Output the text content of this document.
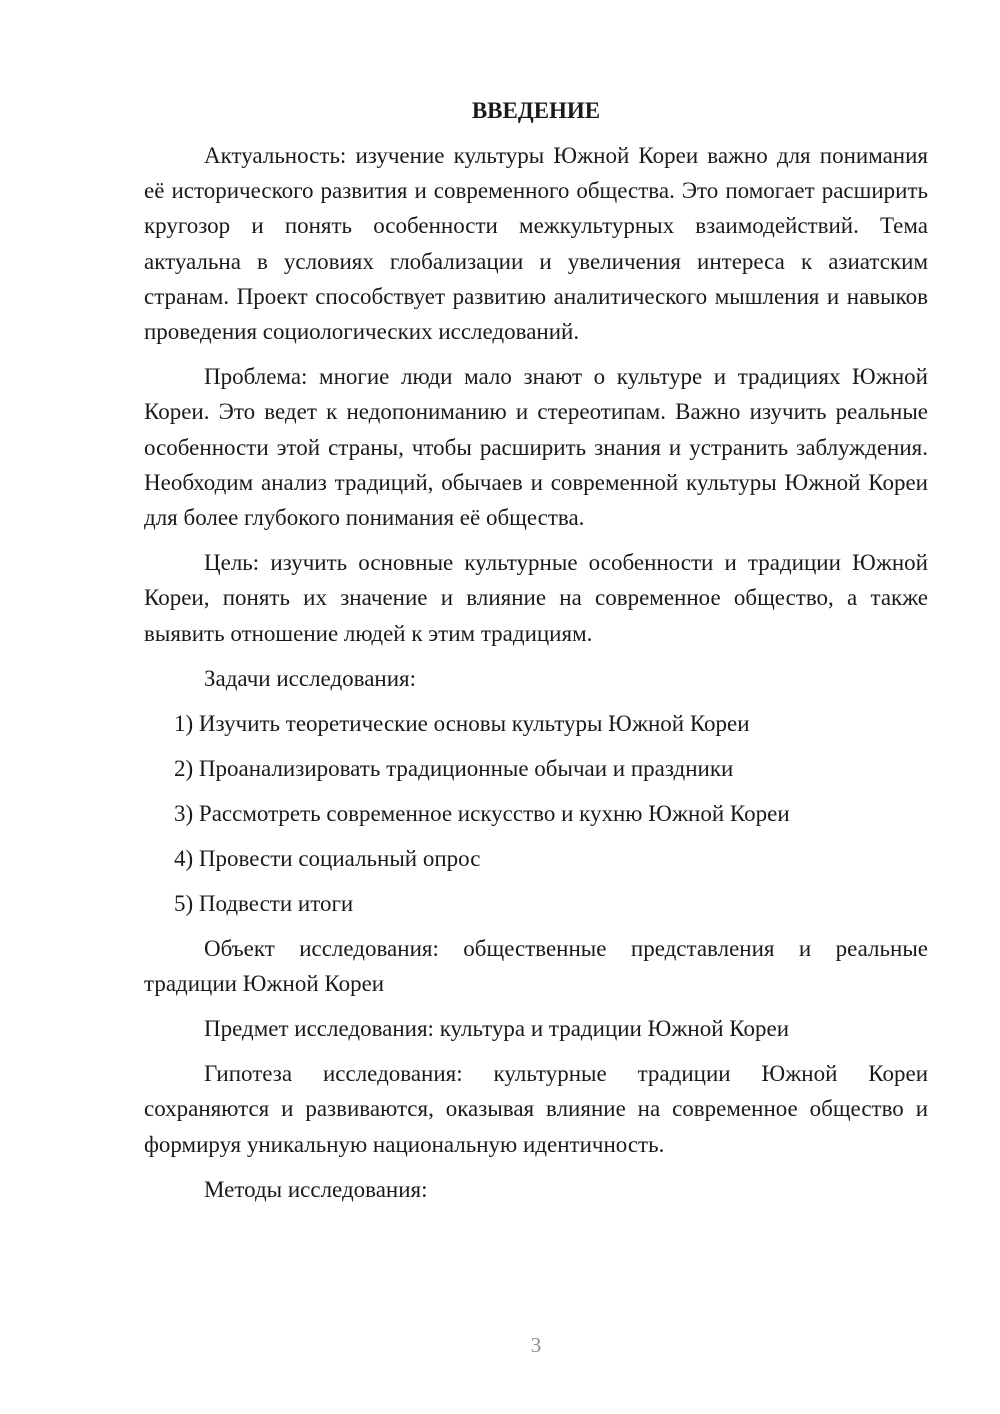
ВВЕДЕНИЕ

Актуальность: изучение культуры Южной Кореи важно для понимания её исторического развития и современного общества. Это помогает расширить кругозор и понять особенности межкультурных взаимодействий. Тема актуальна в условиях глобализации и увеличения интереса к азиатским странам. Проект способствует развитию аналитического мышления и навыков проведения социологических исследований.

Проблема: многие люди мало знают о культуре и традициях Южной Кореи. Это ведет к недопониманию и стереотипам. Важно изучить реальные особенности этой страны, чтобы расширить знания и устранить заблуждения. Необходим анализ традиций, обычаев и современной культуры Южной Кореи для более глубокого понимания её общества.

Цель: изучить основные культурные особенности и традиции Южной Кореи, понять их значение и влияние на современное общество, а также выявить отношение людей к этим традициям.

Задачи исследования:

1) Изучить теоретические основы культуры Южной Кореи
2) Проанализировать традиционные обычаи и праздники
3) Рассмотреть современное искусство и кухню Южной Кореи
4) Провести социальный опрос
5) Подвести итоги

Объект исследования: общественные представления и реальные традиции Южной Кореи

Предмет исследования: культура и традиции Южной Кореи

Гипотеза исследования: культурные традиции Южной Кореи сохраняются и развиваются, оказывая влияние на современное общество и формируя уникальную национальную идентичность.

Методы исследования:

3
